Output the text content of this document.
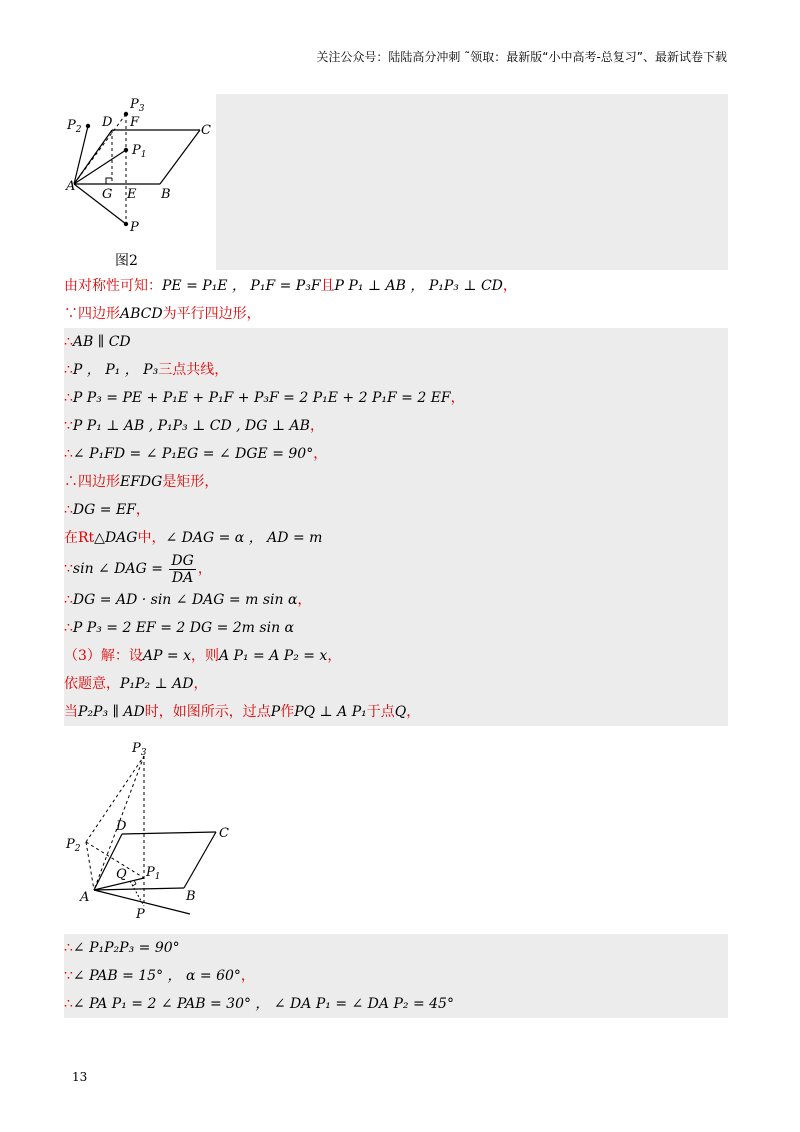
关注公众号：陆陆高分冲刺 ˜领取：最新版“小中高考-总复习”、最新试卷下载
$P_3$
$P_2$ D F
C
$P_1$
A
G E B
P
图2
由对称性可知：PE = P₁E ， P₁F = P₃F且P P₁ ⊥ AB ， P₁P₃ ⊥ CD，
∵四边形ABCD为平行四边形，
∴AB ∥ CD
∴P ， P₁ ， P₃三点共线，
∴P P₃ = PE + P₁E + P₁F + P₃F = 2 P₁E + 2 P₁F = 2 EF，
∵P P₁ ⊥ AB , P₁P₃ ⊥ CD , DG ⊥ AB，
∴∠ P₁FD = ∠ P₁EG = ∠ DGE = 90°，
∴四边形EFDG是矩形，
∴DG = EF，
在Rt△DAG中，∠ DAG = α ， AD = m
∵sin ∠ DAG = $\frac{DG}{DA}$ ，
∴DG = AD · sin ∠ DAG = m sin α，
∴P P₃ = 2 EF = 2 DG = 2m sin α
（3）解：设AP = x，则A P₁ = A P₂ = x，
依题意，P₁P₂ ⊥ AD，
当P₂P₃ ∥ AD时，如图所示，过点P作PQ ⊥ A P₁于点Q，
$P_3$
D	C
$P_2$
Q $P_1$
A	B
P
∴∠ P₁P₂P₃ = 90°
∵∠ PAB = 15° ， α = 60°，
∴∠ PA P₁ = 2 ∠ PAB = 30° ， ∠ DA P₁ = ∠ DA P₂ = 45°
13
